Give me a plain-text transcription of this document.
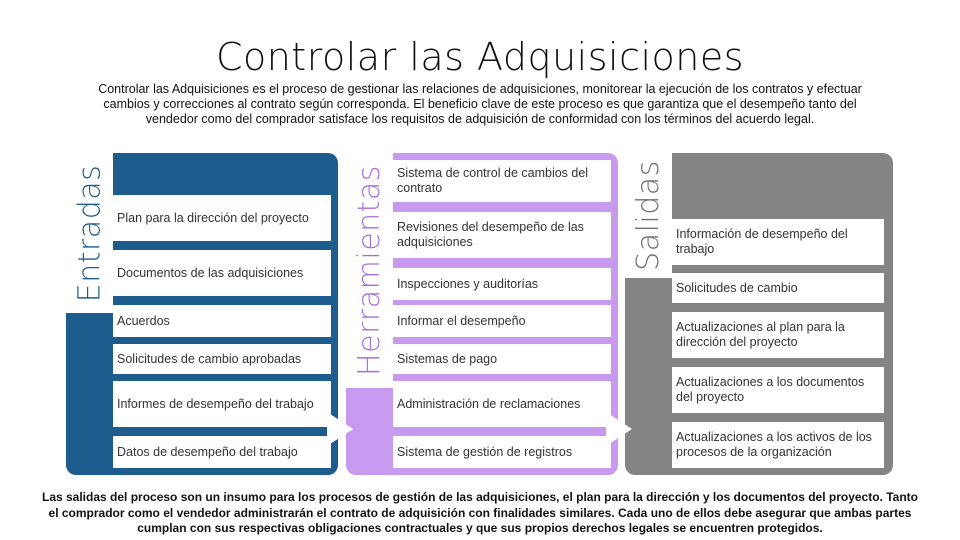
Controlar las Adquisiciones
Controlar las Adquisiciones es el proceso de gestionar las relaciones de adquisiciones, monitorear la ejecución de los contratos y efectuar cambios y correcciones al contrato según corresponda. El beneficio clave de este proceso es que garantiza que el desempeño tanto del vendedor como del comprador satisface los requisitos de adquisición de conformidad con los términos del acuerdo legal.
Entradas	Herramientas	Salidas
Plan para la dirección del proyecto
Documentos de las adquisiciones
Acuerdos
Solicitudes de cambio aprobadas
Informes de desempeño del trabajo
Datos de desempeño del trabajo
Sistema de control de cambios del contrato
Revisiones del desempeño de las adquisiciones
Inspecciones y auditorías
Informar el desempeño
Sistemas de pago
Administración de reclamaciones
Sistema de gestión de registros
Información de desempeño del trabajo
Solicitudes de cambio
Actualizaciones al plan para la dirección del proyecto
Actualizaciones a los documentos del proyecto
Actualizaciones a los activos de los procesos de la organización
Las salidas del proceso son un insumo para los procesos de gestión de las adquisiciones, el plan para la dirección y los documentos del proyecto. Tanto el comprador como el vendedor administrarán el contrato de adquisición con finalidades similares. Cada uno de ellos debe asegurar que ambas partes cumplan con sus respectivas obligaciones contractuales y que sus propios derechos legales se encuentren protegidos.
